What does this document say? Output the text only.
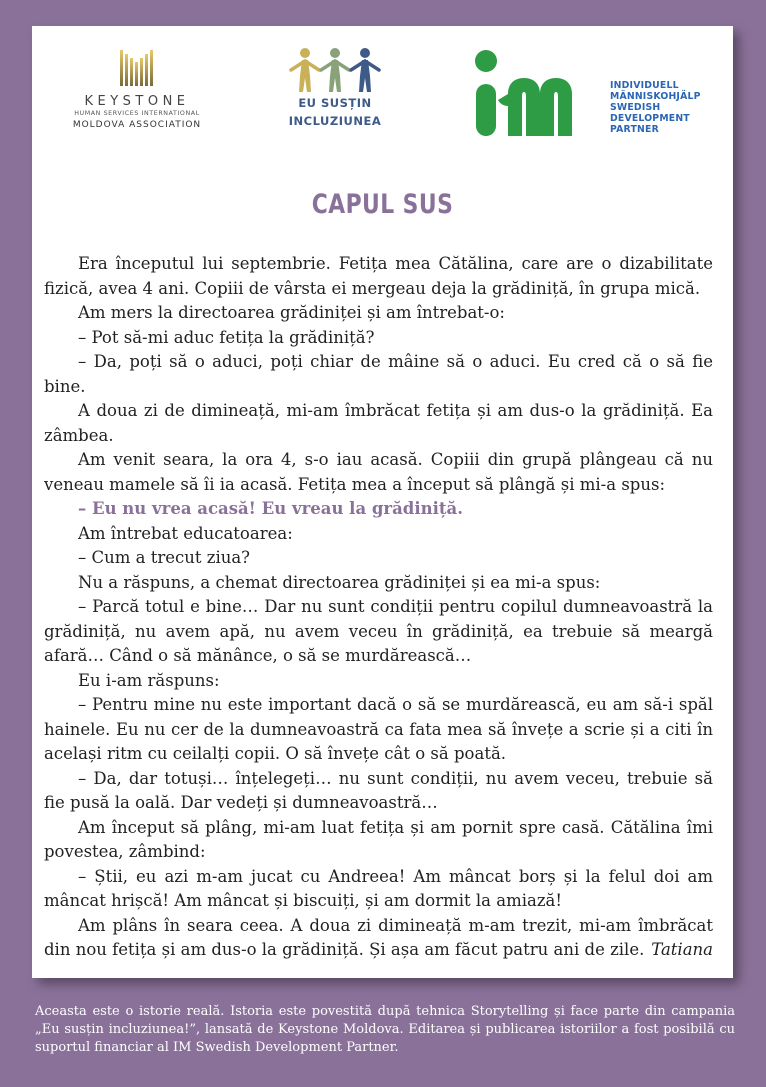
KEYSTONE
HUMAN SERVICES INTERNATIONAL
MOLDOVA ASSOCIATION
EU SUSȚIN
INCLUZIUNEA
INDIVIDUELL
MÄNNISKOHJÄLP
SWEDISH
DEVELOPMENT
PARTNER
CAPUL SUS

Era începutul lui septembrie. Fetița mea Cătălina, care are o dizabilitate fizică, avea 4 ani. Copiii de vârsta ei mergeau deja la grădiniță, în grupa mică.

Am mers la directoarea grădiniței și am întrebat-o:

– Pot să-mi aduc fetița la grădiniță?

– Da, poți să o aduci, poți chiar de mâine să o aduci. Eu cred că o să fie bine.

A doua zi de dimineață, mi-am îmbrăcat fetița și am dus-o la grădiniță. Ea zâmbea.

Am venit seara, la ora 4, s-o iau acasă. Copiii din grupă plângeau că nu veneau mamele să îi ia acasă. Fetița mea a început să plângă și mi-a spus:

– Eu nu vrea acasă! Eu vreau la grădiniță.

Am întrebat educatoarea:

– Cum a trecut ziua?

Nu a răspuns, a chemat directoarea grădiniței și ea mi-a spus:

– Parcă totul e bine… Dar nu sunt condiții pentru copilul dumneavoastră la grădiniță, nu avem apă, nu avem veceu în grădiniță, ea trebuie să meargă afară… Când o să mănânce, o să se murdărească…

Eu i-am răspuns:

– Pentru mine nu este important dacă o să se murdărească, eu am să-i spăl hainele. Eu nu cer de la dumneavoastră ca fata mea să învețe a scrie și a citi în același ritm cu ceilalți copii. O să învețe cât o să poată.

– Da, dar totuși… înțelegeți… nu sunt condiții, nu avem veceu, trebuie să fie pusă la oală. Dar vedeți și dumneavoastră…

Am început să plâng, mi-am luat fetița și am pornit spre casă. Cătălina îmi povestea, zâmbind:

– Știi, eu azi m-am jucat cu Andreea! Am mâncat borș și la felul doi am mâncat hrișcă! Am mâncat și biscuiți, și am dormit la amiază!

Am plâns în seara ceea. A doua zi dimineață m-am trezit, mi-am îmbrăcat din nou fetița și am dus-o la grădiniță. Și așa am făcut patru ani de zile. Tatiana
Aceasta este o istorie reală. Istoria este povestită după tehnica Storytelling și face parte din campania „Eu susțin incluziunea!”, lansată de Keystone Moldova. Editarea și publicarea istoriilor a fost posibilă cu suportul financiar al IM Swedish Development Partner.
